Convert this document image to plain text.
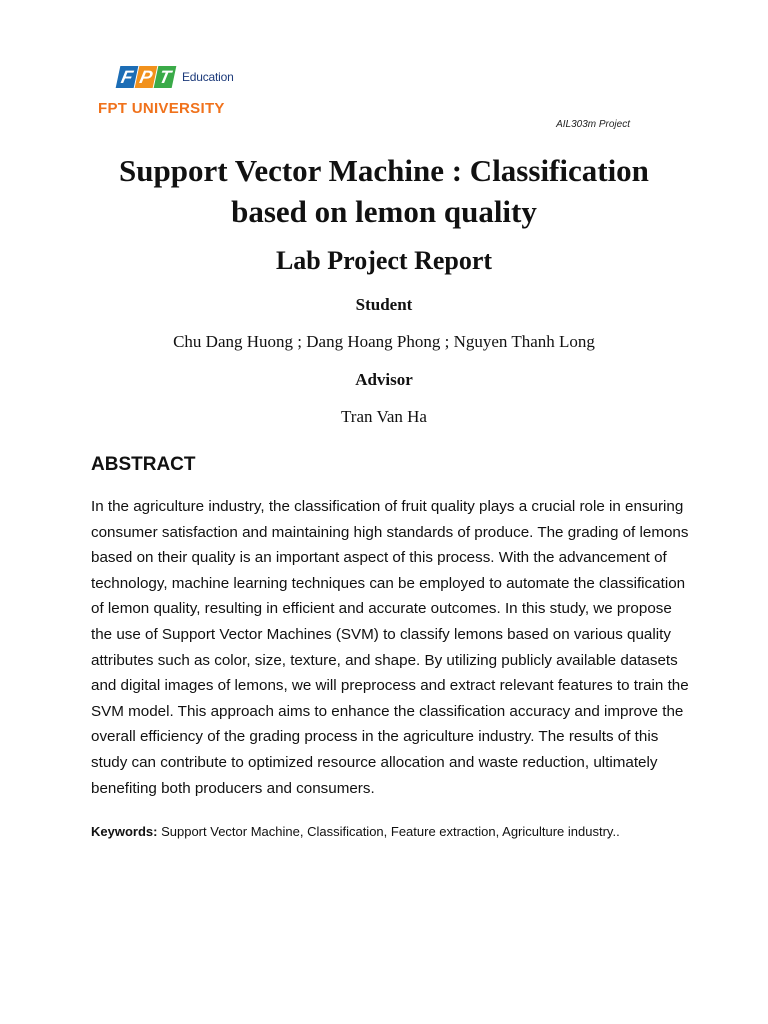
F P T Education
FPT UNIVERSITY
AIL303m Project
Support Vector Machine : Classification
based on lemon quality
Lab Project Report
Student
Chu Dang Huong ; Dang Hoang Phong ; Nguyen Thanh Long
Advisor
Tran Van Ha
ABSTRACT

In the agriculture industry, the classification of fruit quality plays a crucial role in ensuring consumer satisfaction and maintaining high standards of produce. The grading of lemons based on their quality is an important aspect of this process. With the advancement of technology, machine learning techniques can be employed to automate the classification of lemon quality, resulting in efficient and accurate outcomes. In this study, we propose the use of Support Vector Machines (SVM) to classify lemons based on various quality attributes such as color, size, texture, and shape. By utilizing publicly available datasets and digital images of lemons, we will preprocess and extract relevant features to train the SVM model. This approach aims to enhance the classification accuracy and improve the overall efficiency of the grading process in the agriculture industry. The results of this study can contribute to optimized resource allocation and waste reduction, ultimately benefiting both producers and consumers.

Keywords: Support Vector Machine, Classification, Feature extraction, Agriculture industry..
